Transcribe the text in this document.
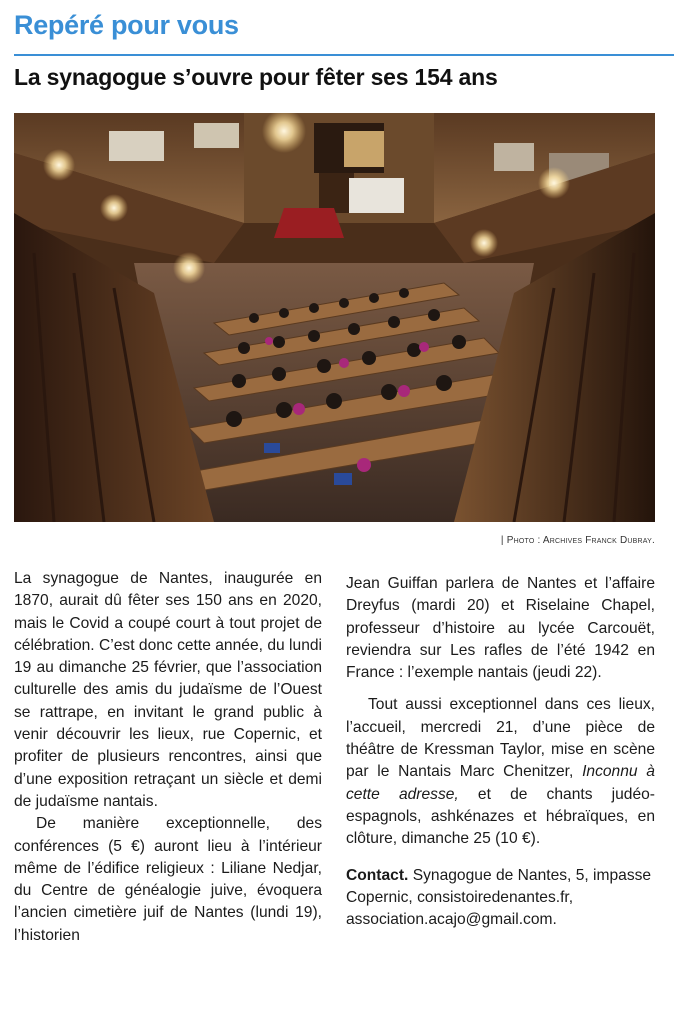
Repéré pour vous
La synagogue s’ouvre pour fêter ses 154 ans
| Photo : Archives Franck Dubray.

La synagogue de Nantes, inaugurée en 1870, aurait dû fêter ses 150 ans en 2020, mais le Covid a coupé court à tout projet de célébration. C’est donc cette année, du lundi 19 au dimanche 25 février, que l’association culturelle des amis du judaïsme de l’Ouest se rattrape, en invitant le grand public à venir découvrir les lieux, rue Copernic, et profiter de plusieurs rencontres, ainsi que d’une exposition retraçant un siècle et demi de judaïsme nantais.

De manière exceptionnelle, des conférences (5 €) auront lieu à l’intérieur même de l’édifice religieux : Liliane Nedjar, du Centre de généalogie juive, évoquera l’ancien cimetière juif de Nantes (lundi 19), l’historien

Jean Guiffan parlera de Nantes et l’affaire Dreyfus (mardi 20) et Riselaine Chapel, professeur d’histoire au lycée Carcouët, reviendra sur Les rafles de l’été 1942 en France : l’exemple nantais (jeudi 22).

Tout aussi exceptionnel dans ces lieux, l’accueil, mercredi 21, d’une pièce de théâtre de Kressman Taylor, mise en scène par le Nantais Marc Chenitzer, Inconnu à cette adresse, et de chants judéo-espagnols, ashkénazes et hébraïques, en clôture, dimanche 25 (10 €).

Contact. Synagogue de Nantes, 5, impasse Copernic, consistoiredenantes.fr, association.acajo@gmail.com.
